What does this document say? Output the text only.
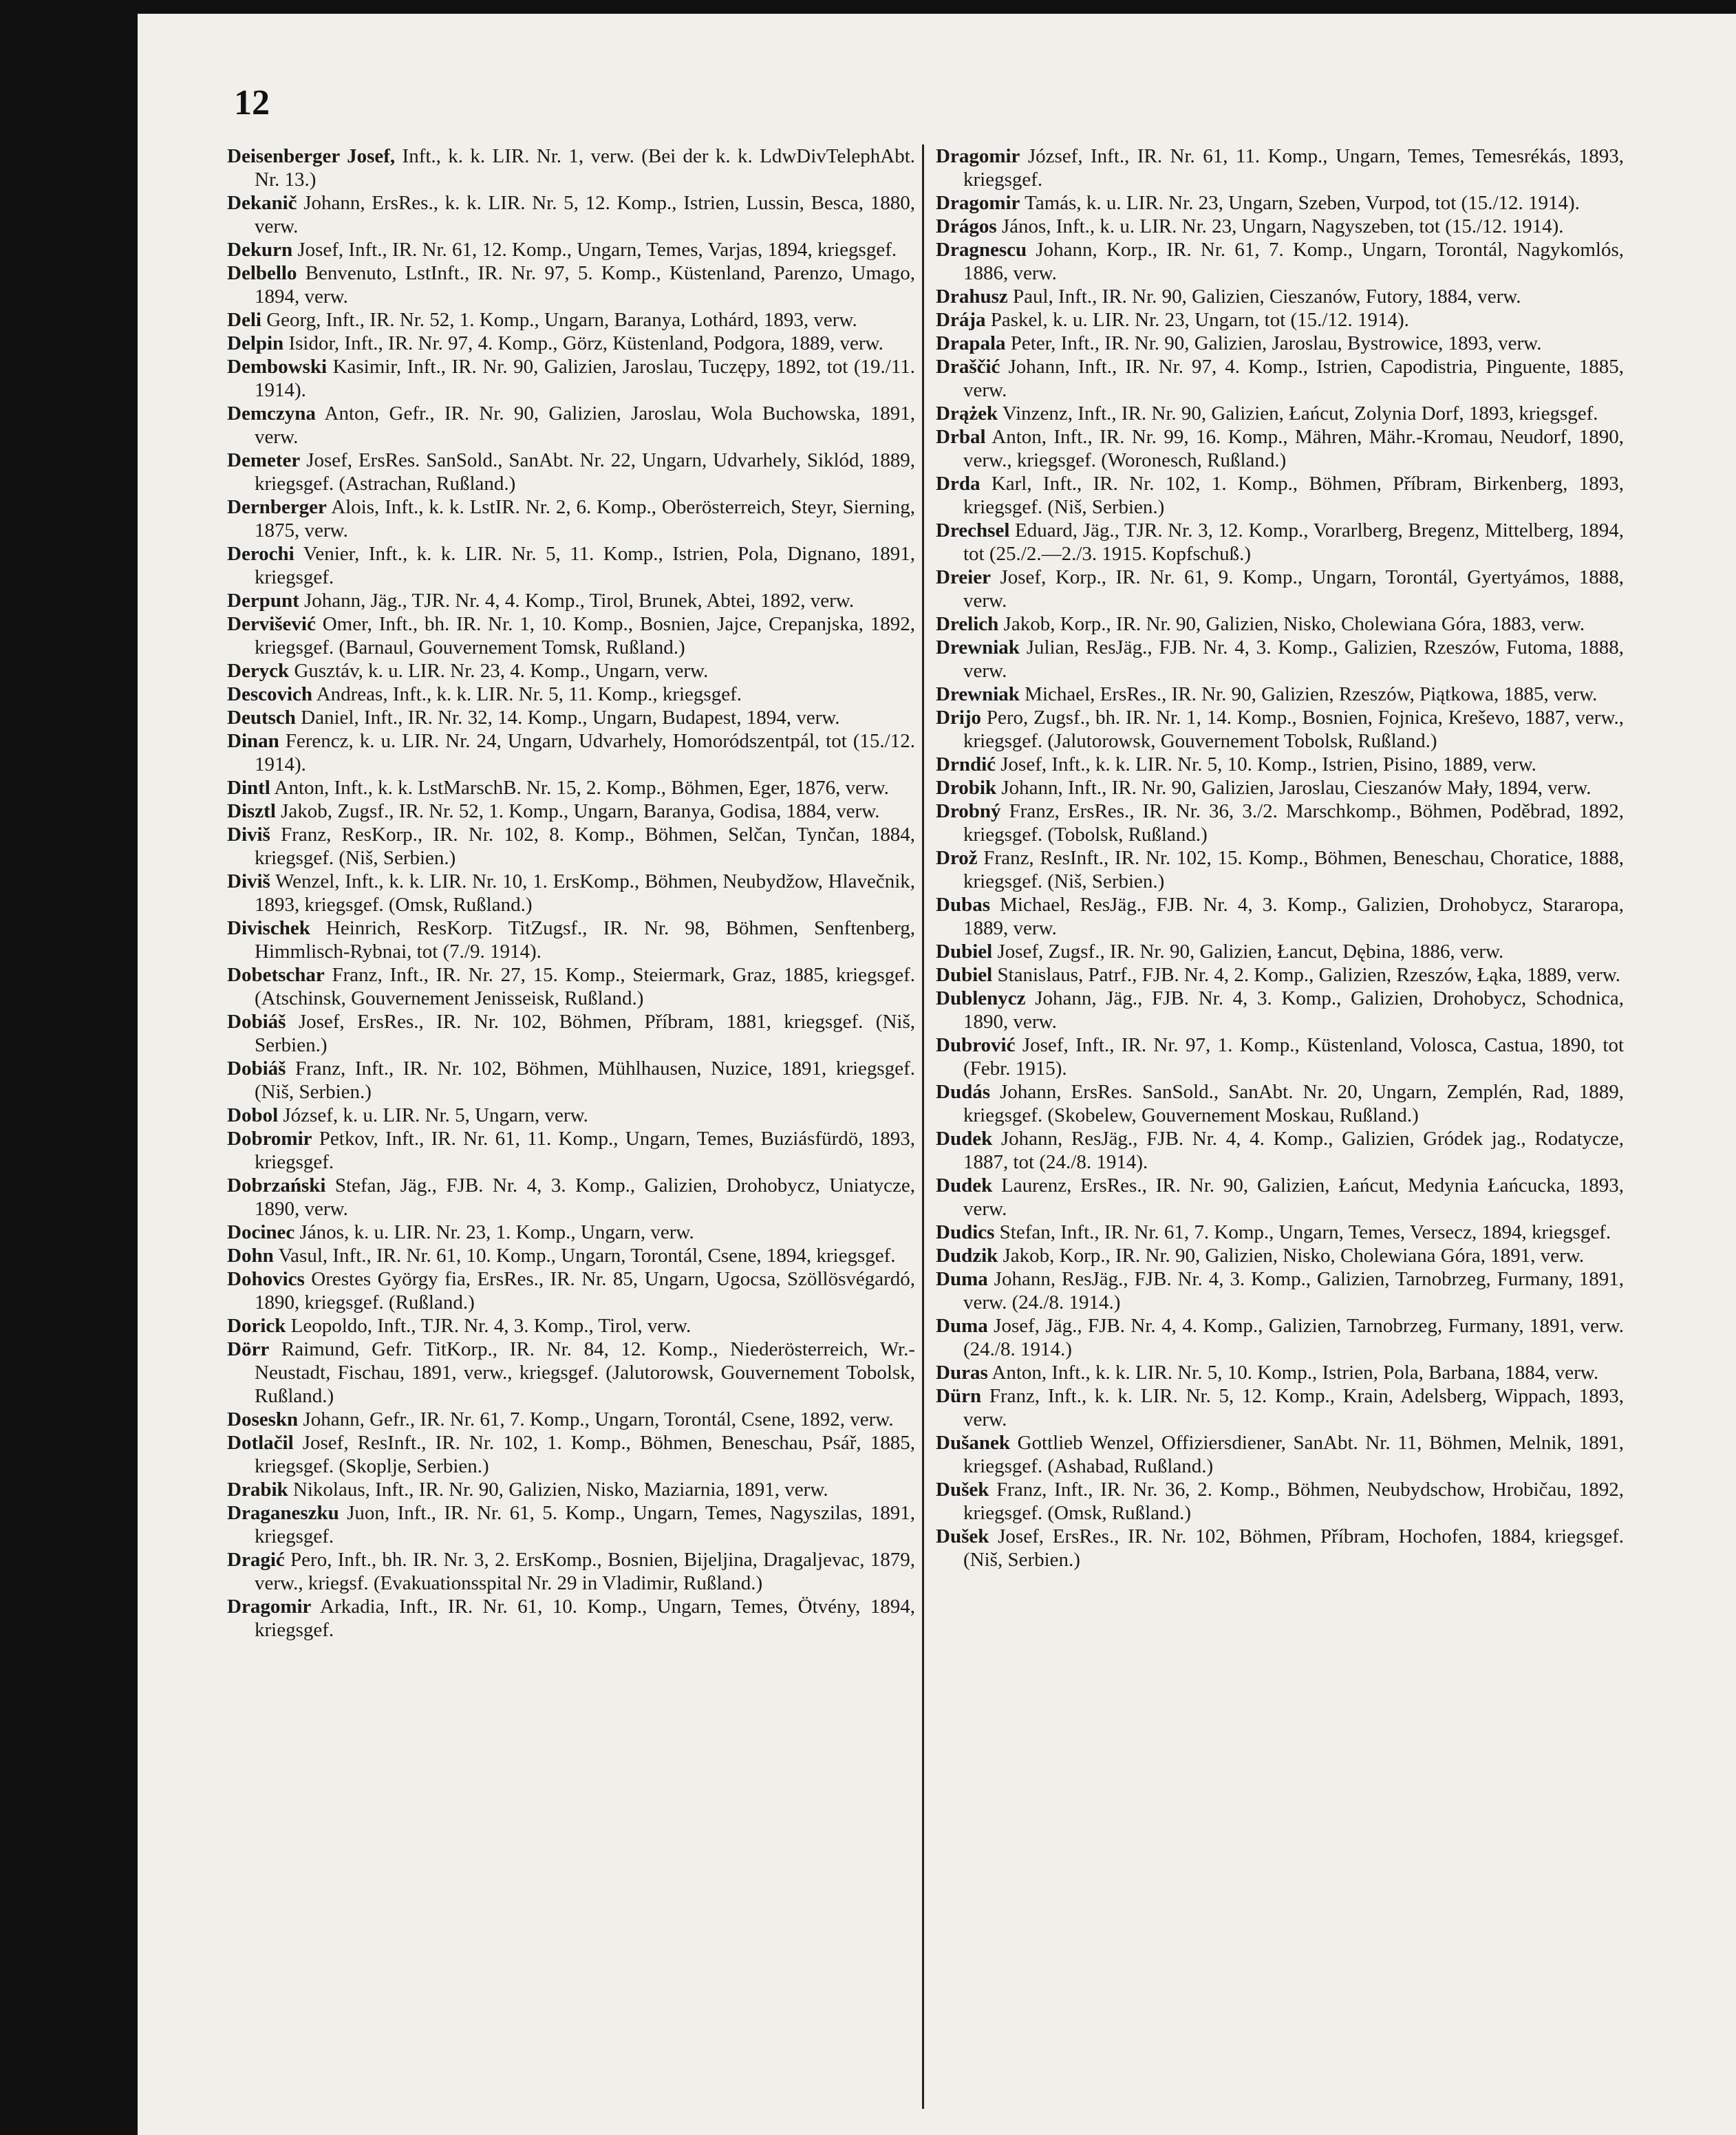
12

Deisenberger Josef, Inft., k. k. LIR. Nr. 1, verw. (Bei der k. k. LdwDivTelephAbt. Nr. 13.)

Dekanič Johann, ErsRes., k. k. LIR. Nr. 5, 12. Komp., Istrien, Lussin, Besca, 1880, verw.

Dekurn Josef, Inft., IR. Nr. 61, 12. Komp., Ungarn, Temes, Varjas, 1894, kriegsgef.

Delbello Benvenuto, LstInft., IR. Nr. 97, 5. Komp., Küstenland, Parenzo, Umago, 1894, verw.

Deli Georg, Inft., IR. Nr. 52, 1. Komp., Ungarn, Baranya, Lothárd, 1893, verw.

Delpin Isidor, Inft., IR. Nr. 97, 4. Komp., Görz, Küstenland, Podgora, 1889, verw.

Dembowski Kasimir, Inft., IR. Nr. 90, Galizien, Jaroslau, Tuczępy, 1892, tot (19./11. 1914).

Demczyna Anton, Gefr., IR. Nr. 90, Galizien, Jaroslau, Wola Buchowska, 1891, verw.

Demeter Josef, ErsRes. SanSold., SanAbt. Nr. 22, Ungarn, Udvarhely, Siklód, 1889, kriegsgef. (Astrachan, Rußland.)

Dernberger Alois, Inft., k. k. LstIR. Nr. 2, 6. Komp., Oberösterreich, Steyr, Sierning, 1875, verw.

Derochi Venier, Inft., k. k. LIR. Nr. 5, 11. Komp., Istrien, Pola, Dignano, 1891, kriegsgef.

Derpunt Johann, Jäg., TJR. Nr. 4, 4. Komp., Tirol, Brunek, Abtei, 1892, verw.

Dervišević Omer, Inft., bh. IR. Nr. 1, 10. Komp., Bosnien, Jajce, Crepanjska, 1892, kriegsgef. (Barnaul, Gouvernement Tomsk, Rußland.)

Deryck Gusztáv, k. u. LIR. Nr. 23, 4. Komp., Ungarn, verw.

Descovich Andreas, Inft., k. k. LIR. Nr. 5, 11. Komp., kriegsgef.

Deutsch Daniel, Inft., IR. Nr. 32, 14. Komp., Ungarn, Budapest, 1894, verw.

Dinan Ferencz, k. u. LIR. Nr. 24, Ungarn, Udvarhely, Homoródszentpál, tot (15./12. 1914).

Dintl Anton, Inft., k. k. LstMarschB. Nr. 15, 2. Komp., Böhmen, Eger, 1876, verw.

Disztl Jakob, Zugsf., IR. Nr. 52, 1. Komp., Ungarn, Baranya, Godisa, 1884, verw.

Diviš Franz, ResKorp., IR. Nr. 102, 8. Komp., Böhmen, Selčan, Tynčan, 1884, kriegsgef. (Niš, Serbien.)

Diviš Wenzel, Inft., k. k. LIR. Nr. 10, 1. ErsKomp., Böhmen, Neubydžow, Hlavečnik, 1893, kriegsgef. (Omsk, Rußland.)

Divischek Heinrich, ResKorp. TitZugsf., IR. Nr. 98, Böhmen, Senftenberg, Himmlisch-Rybnai, tot (7./9. 1914).

Dobetschar Franz, Inft., IR. Nr. 27, 15. Komp., Steiermark, Graz, 1885, kriegsgef. (Atschinsk, Gouvernement Jenisseisk, Rußland.)

Dobiáš Josef, ErsRes., IR. Nr. 102, Böhmen, Příbram, 1881, kriegsgef. (Niš, Serbien.)

Dobiáš Franz, Inft., IR. Nr. 102, Böhmen, Mühlhausen, Nuzice, 1891, kriegsgef. (Niš, Serbien.)

Dobol József, k. u. LIR. Nr. 5, Ungarn, verw.

Dobromir Petkov, Inft., IR. Nr. 61, 11. Komp., Ungarn, Temes, Buziásfürdö, 1893, kriegsgef.

Dobrzański Stefan, Jäg., FJB. Nr. 4, 3. Komp., Galizien, Drohobycz, Uniatycze, 1890, verw.

Docinec János, k. u. LIR. Nr. 23, 1. Komp., Ungarn, verw.

Dohn Vasul, Inft., IR. Nr. 61, 10. Komp., Ungarn, Torontál, Csene, 1894, kriegsgef.

Dohovics Orestes György fia, ErsRes., IR. Nr. 85, Ungarn, Ugocsa, Szöllösvégardó, 1890, kriegsgef. (Rußland.)

Dorick Leopoldo, Inft., TJR. Nr. 4, 3. Komp., Tirol, verw.

Dörr Raimund, Gefr. TitKorp., IR. Nr. 84, 12. Komp., Niederösterreich, Wr.-Neustadt, Fischau, 1891, verw., kriegsgef. (Jalutorowsk, Gouvernement Tobolsk, Rußland.)

Doseskn Johann, Gefr., IR. Nr. 61, 7. Komp., Ungarn, Torontál, Csene, 1892, verw.

Dotlačil Josef, ResInft., IR. Nr. 102, 1. Komp., Böhmen, Beneschau, Psář, 1885, kriegsgef. (Skoplje, Serbien.)

Drabik Nikolaus, Inft., IR. Nr. 90, Galizien, Nisko, Maziarnia, 1891, verw.

Draganeszku Juon, Inft., IR. Nr. 61, 5. Komp., Ungarn, Temes, Nagyszilas, 1891, kriegsgef.

Dragić Pero, Inft., bh. IR. Nr. 3, 2. ErsKomp., Bosnien, Bijeljina, Dragaljevac, 1879, verw., kriegsf. (Evakuationsspital Nr. 29 in Vladimir, Rußland.)

Dragomir Arkadia, Inft., IR. Nr. 61, 10. Komp., Ungarn, Temes, Ötvény, 1894, kriegsgef.

Dragomir József, Inft., IR. Nr. 61, 11. Komp., Ungarn, Temes, Temesrékás, 1893, kriegsgef.

Dragomir Tamás, k. u. LIR. Nr. 23, Ungarn, Szeben, Vurpod, tot (15./12. 1914).

Drágos János, Inft., k. u. LIR. Nr. 23, Ungarn, Nagyszeben, tot (15./12. 1914).

Dragnescu Johann, Korp., IR. Nr. 61, 7. Komp., Ungarn, Torontál, Nagykomlós, 1886, verw.

Drahusz Paul, Inft., IR. Nr. 90, Galizien, Cieszanów, Futory, 1884, verw.

Drája Paskel, k. u. LIR. Nr. 23, Ungarn, tot (15./12. 1914).

Drapala Peter, Inft., IR. Nr. 90, Galizien, Jaroslau, Bystrowice, 1893, verw.

Draščić Johann, Inft., IR. Nr. 97, 4. Komp., Istrien, Capodistria, Pinguente, 1885, verw.

Drążek Vinzenz, Inft., IR. Nr. 90, Galizien, Łańcut, Zolynia Dorf, 1893, kriegsgef.

Drbal Anton, Inft., IR. Nr. 99, 16. Komp., Mähren, Mähr.-Kromau, Neudorf, 1890, verw., kriegsgef. (Woronesch, Rußland.)

Drda Karl, Inft., IR. Nr. 102, 1. Komp., Böhmen, Příbram, Birkenberg, 1893, kriegsgef. (Niš, Serbien.)

Drechsel Eduard, Jäg., TJR. Nr. 3, 12. Komp., Vorarlberg, Bregenz, Mittelberg, 1894, tot (25./2.—2./3. 1915. Kopfschuß.)

Dreier Josef, Korp., IR. Nr. 61, 9. Komp., Ungarn, Torontál, Gyertyámos, 1888, verw.

Drelich Jakob, Korp., IR. Nr. 90, Galizien, Nisko, Cholewiana Góra, 1883, verw.

Drewniak Julian, ResJäg., FJB. Nr. 4, 3. Komp., Galizien, Rzeszów, Futoma, 1888, verw.

Drewniak Michael, ErsRes., IR. Nr. 90, Galizien, Rzeszów, Piątkowa, 1885, verw.

Drijo Pero, Zugsf., bh. IR. Nr. 1, 14. Komp., Bosnien, Fojnica, Kreševo, 1887, verw., kriegsgef. (Jalutorowsk, Gouvernement Tobolsk, Rußland.)

Drndić Josef, Inft., k. k. LIR. Nr. 5, 10. Komp., Istrien, Pisino, 1889, verw.

Drobik Johann, Inft., IR. Nr. 90, Galizien, Jaroslau, Cieszanów Mały, 1894, verw.

Drobný Franz, ErsRes., IR. Nr. 36, 3./2. Marschkomp., Böhmen, Poděbrad, 1892, kriegsgef. (Tobolsk, Rußland.)

Drož Franz, ResInft., IR. Nr. 102, 15. Komp., Böhmen, Beneschau, Choratice, 1888, kriegsgef. (Niš, Serbien.)

Dubas Michael, ResJäg., FJB. Nr. 4, 3. Komp., Galizien, Drohobycz, Stararopa, 1889, verw.

Dubiel Josef, Zugsf., IR. Nr. 90, Galizien, Łancut, Dębina, 1886, verw.

Dubiel Stanislaus, Patrf., FJB. Nr. 4, 2. Komp., Galizien, Rzeszów, Łąka, 1889, verw.

Dublenycz Johann, Jäg., FJB. Nr. 4, 3. Komp., Galizien, Drohobycz, Schodnica, 1890, verw.

Dubrović Josef, Inft., IR. Nr. 97, 1. Komp., Küstenland, Volosca, Castua, 1890, tot (Febr. 1915).

Dudás Johann, ErsRes. SanSold., SanAbt. Nr. 20, Ungarn, Zemplén, Rad, 1889, kriegsgef. (Skobelew, Gouvernement Moskau, Rußland.)

Dudek Johann, ResJäg., FJB. Nr. 4, 4. Komp., Galizien, Gródek jag., Rodatycze, 1887, tot (24./8. 1914).

Dudek Laurenz, ErsRes., IR. Nr. 90, Galizien, Łańcut, Medynia Łańcucka, 1893, verw.

Dudics Stefan, Inft., IR. Nr. 61, 7. Komp., Ungarn, Temes, Versecz, 1894, kriegsgef.

Dudzik Jakob, Korp., IR. Nr. 90, Galizien, Nisko, Cholewiana Góra, 1891, verw.

Duma Johann, ResJäg., FJB. Nr. 4, 3. Komp., Galizien, Tarnobrzeg, Furmany, 1891, verw. (24./8. 1914.)

Duma Josef, Jäg., FJB. Nr. 4, 4. Komp., Galizien, Tarnobrzeg, Furmany, 1891, verw. (24./8. 1914.)

Duras Anton, Inft., k. k. LIR. Nr. 5, 10. Komp., Istrien, Pola, Barbana, 1884, verw.

Dürn Franz, Inft., k. k. LIR. Nr. 5, 12. Komp., Krain, Adelsberg, Wippach, 1893, verw.

Dušanek Gottlieb Wenzel, Offiziersdiener, SanAbt. Nr. 11, Böhmen, Melnik, 1891, kriegsgef. (Ashabad, Rußland.)

Dušek Franz, Inft., IR. Nr. 36, 2. Komp., Böhmen, Neubydschow, Hrobičau, 1892, kriegsgef. (Omsk, Rußland.)

Dušek Josef, ErsRes., IR. Nr. 102, Böhmen, Příbram, Hochofen, 1884, kriegsgef. (Niš, Serbien.)
